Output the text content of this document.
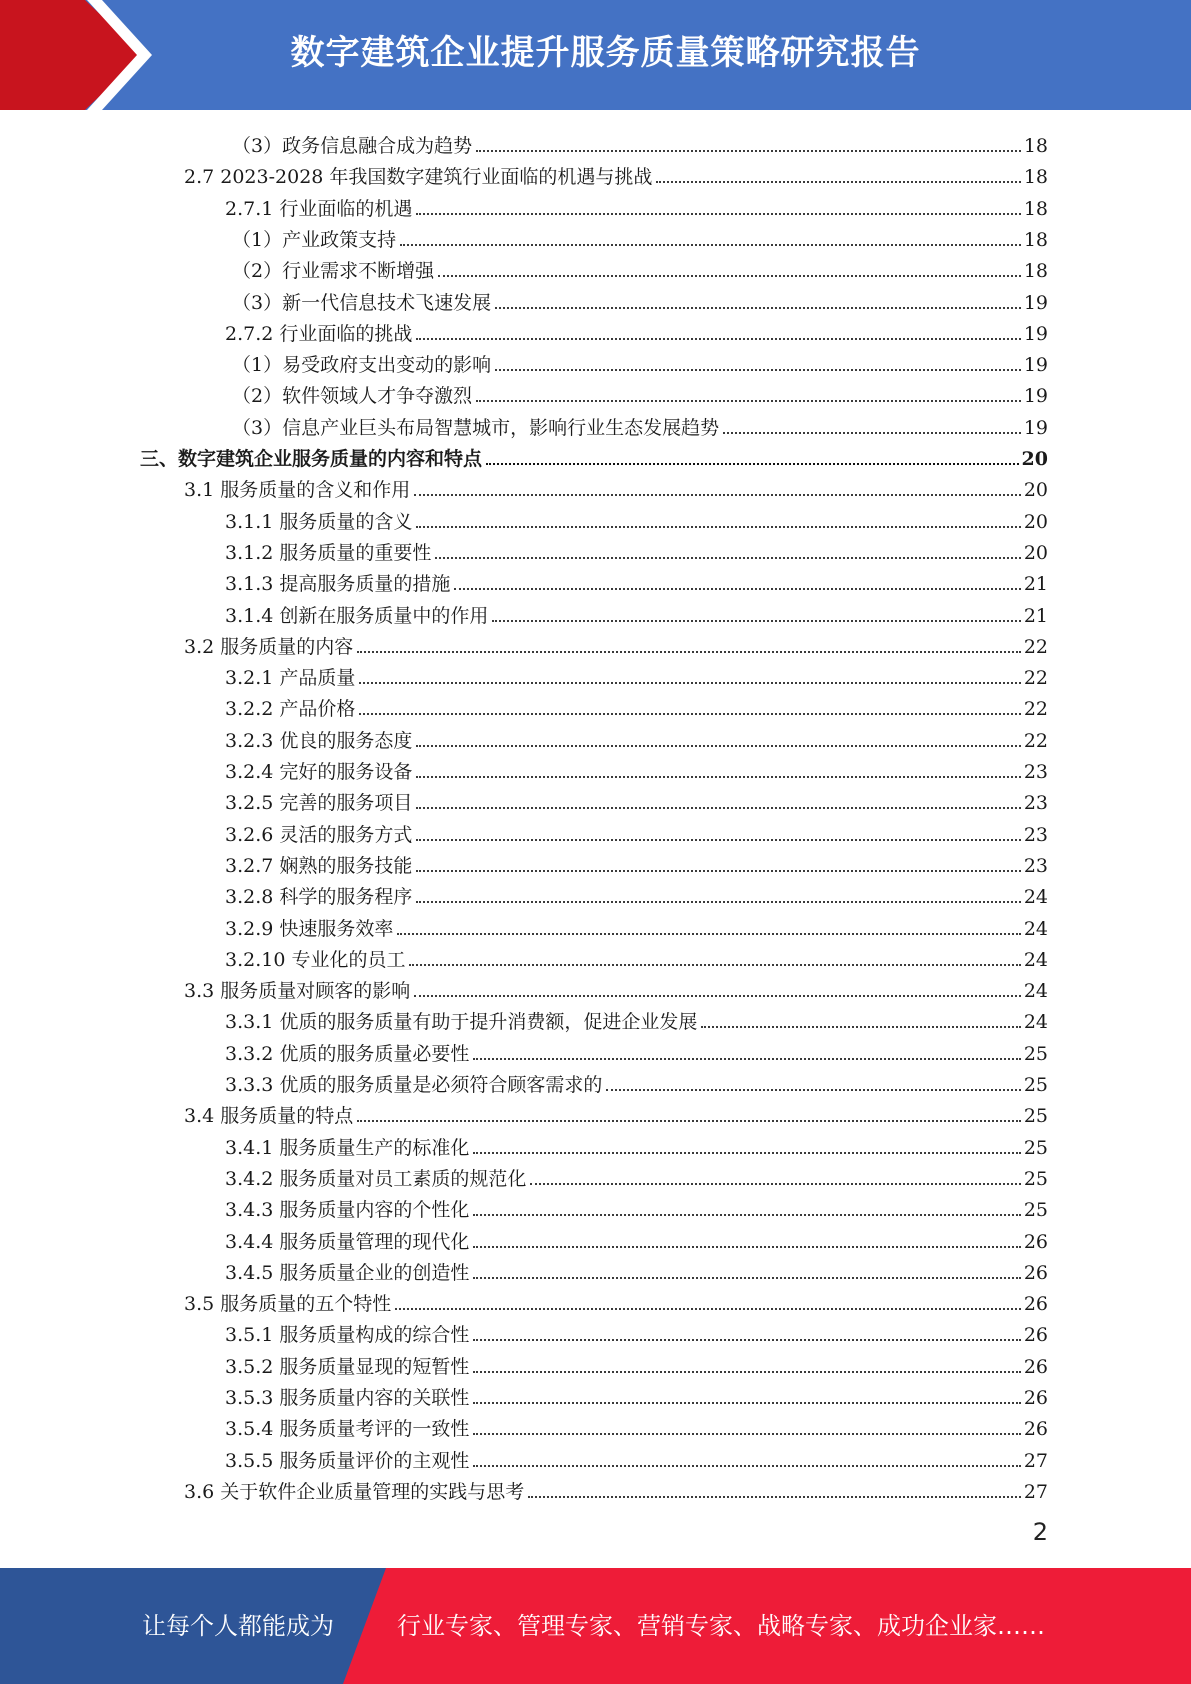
数字建筑企业提升服务质量策略研究报告
（3）政务信息融合成为趋势	18
2.7 2023-2028 年我国数字建筑行业面临的机遇与挑战	18
2.7.1 行业面临的机遇	18
（1）产业政策支持	18
（2）行业需求不断增强	18
（3）新一代信息技术飞速发展	19
2.7.2 行业面临的挑战	19
（1）易受政府支出变动的影响	19
（2）软件领域人才争夺激烈	19
（3）信息产业巨头布局智慧城市，影响行业生态发展趋势	19
三、数字建筑企业服务质量的内容和特点	20
3.1 服务质量的含义和作用	20
3.1.1 服务质量的含义	20
3.1.2 服务质量的重要性	20
3.1.3 提高服务质量的措施	21
3.1.4 创新在服务质量中的作用	21
3.2 服务质量的内容	22
3.2.1 产品质量	22
3.2.2 产品价格	22
3.2.3 优良的服务态度	22
3.2.4 完好的服务设备	23
3.2.5 完善的服务项目	23
3.2.6 灵活的服务方式	23
3.2.7 娴熟的服务技能	23
3.2.8 科学的服务程序	24
3.2.9 快速服务效率	24
3.2.10 专业化的员工	24
3.3 服务质量对顾客的影响	24
3.3.1 优质的服务质量有助于提升消费额，促进企业发展	24
3.3.2 优质的服务质量必要性	25
3.3.3 优质的服务质量是必须符合顾客需求的	25
3.4 服务质量的特点	25
3.4.1 服务质量生产的标准化	25
3.4.2 服务质量对员工素质的规范化	25
3.4.3 服务质量内容的个性化	25
3.4.4 服务质量管理的现代化	26
3.4.5 服务质量企业的创造性	26
3.5 服务质量的五个特性	26
3.5.1 服务质量构成的综合性	26
3.5.2 服务质量显现的短暂性	26
3.5.3 服务质量内容的关联性	26
3.5.4 服务质量考评的一致性	26
3.5.5 服务质量评价的主观性	27
3.6 关于软件企业质量管理的实践与思考	27
2
让每个人都能成为	行业专家、管理专家、营销专家、战略专家、成功企业家……
